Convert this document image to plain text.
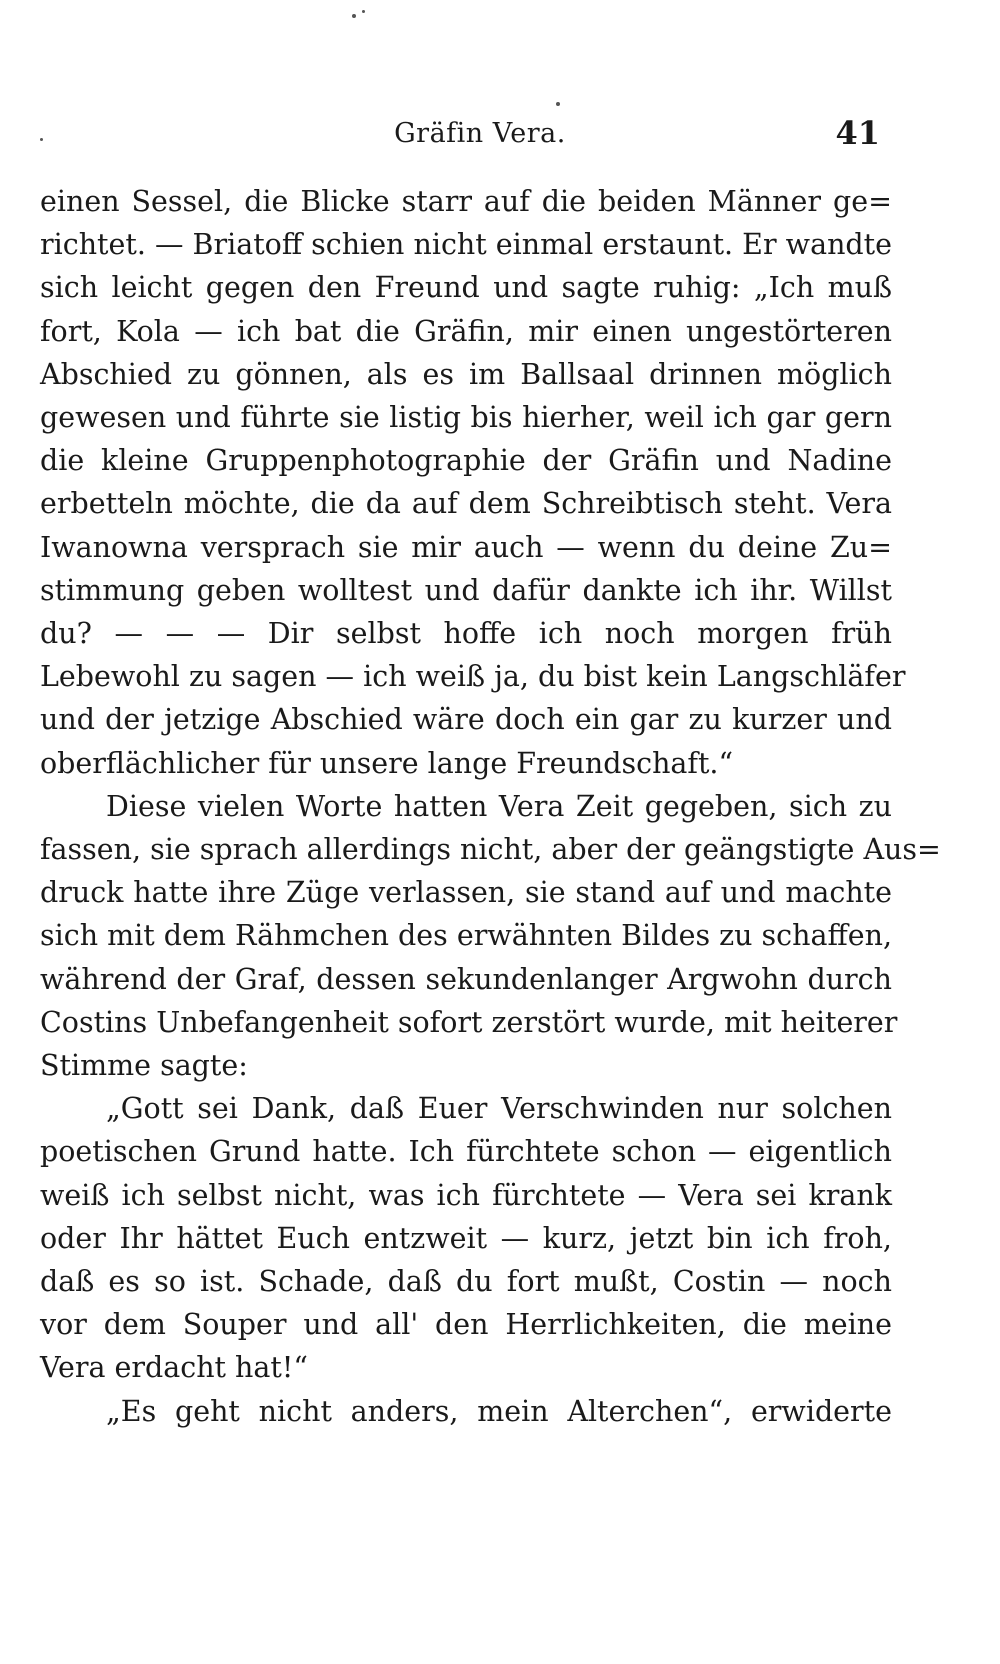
Gräfin Vera.	41

einen Sessel, die Blicke starr auf die beiden Männer ge=

richtet. — Briatoff schien nicht einmal erstaunt. Er wandte

sich leicht gegen den Freund und sagte ruhig: „Ich muß

fort, Kola — ich bat die Gräfin, mir einen ungestörteren

Abschied zu gönnen, als es im Ballsaal drinnen möglich

gewesen und führte sie listig bis hierher, weil ich gar gern

die kleine Gruppenphotographie der Gräfin und Nadine

erbetteln möchte, die da auf dem Schreibtisch steht. Vera

Iwanowna versprach sie mir auch — wenn du deine Zu=

stimmung geben wolltest und dafür dankte ich ihr. Willst

du? — — — Dir selbst hoffe ich noch morgen früh

Lebewohl zu sagen — ich weiß ja, du bist kein Langschläfer

und der jetzige Abschied wäre doch ein gar zu kurzer und

oberflächlicher für unsere lange Freundschaft.“

Diese vielen Worte hatten Vera Zeit gegeben, sich zu

fassen, sie sprach allerdings nicht, aber der geängstigte Aus=

druck hatte ihre Züge verlassen, sie stand auf und machte

sich mit dem Rähmchen des erwähnten Bildes zu schaffen,

während der Graf, dessen sekundenlanger Argwohn durch

Costins Unbefangenheit sofort zerstört wurde, mit heiterer

Stimme sagte:

„Gott sei Dank, daß Euer Verschwinden nur solchen

poetischen Grund hatte. Ich fürchtete schon — eigentlich

weiß ich selbst nicht, was ich fürchtete — Vera sei krank

oder Ihr hättet Euch entzweit — kurz, jetzt bin ich froh,

daß es so ist. Schade, daß du fort mußt, Costin — noch

vor dem Souper und all' den Herrlichkeiten, die meine

Vera erdacht hat!“

„Es geht nicht anders, mein Alterchen“, erwiderte
